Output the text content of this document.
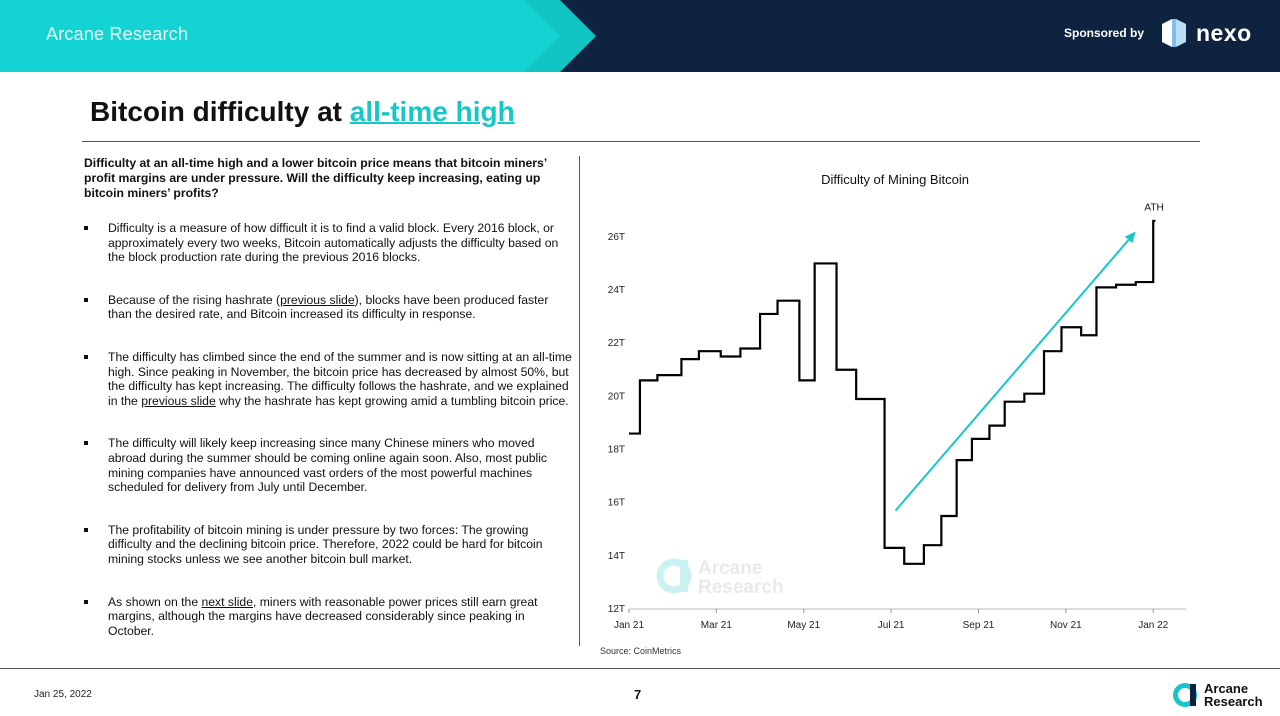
Arcane Research	Sponsored by nexo
Bitcoin difficulty at all-time high

Difficulty at an all-time high and a lower bitcoin price means that bitcoin miners’ profit margins are under pressure. Will the difficulty keep increasing, eating up bitcoin miners’ profits?

Difficulty is a measure of how difficult it is to find a valid block. Every 2016 block, or approximately every two weeks, Bitcoin automatically adjusts the difficulty based on the block production rate during the previous 2016 blocks.
Because of the rising hashrate (previous slide), blocks have been produced faster than the desired rate, and Bitcoin increased its difficulty in response.
The difficulty has climbed since the end of the summer and is now sitting at an all-time high. Since peaking in November, the bitcoin price has decreased by almost 50%, but the difficulty has kept increasing. The difficulty follows the hashrate, and we explained in the previous slide why the hashrate has kept growing amid a tumbling bitcoin price.
The difficulty will likely keep increasing since many Chinese miners who moved abroad during the summer should be coming online again soon. Also, most public mining companies have announced vast orders of the most powerful machines scheduled for delivery from July until December.
The profitability of bitcoin mining is under pressure by two forces: The growing difficulty and the declining bitcoin price. Therefore, 2022 could be hard for bitcoin mining stocks unless we see another bitcoin bull market.
As shown on the next slide, miners with reasonable power prices still earn great margins, although the margins have decreased considerably since peaking in October.
Arcane
Research
Difficulty of Mining Bitcoin
12T
14T
16T
18T
20T
22T
24T
26T
Jan 21	Mar 21	May 21	Jul 21	Sep 21	Nov 21	Jan 22
ATH
Source: CoinMetrics
Jan 25, 2022	7	Arcane
Research
